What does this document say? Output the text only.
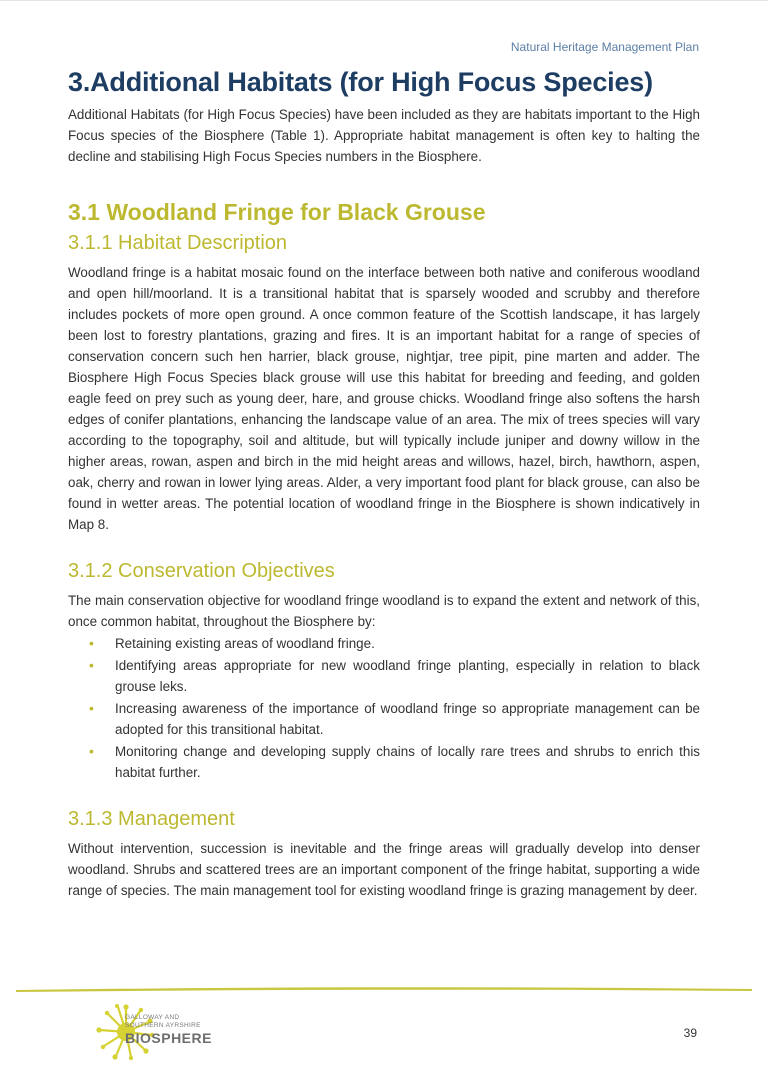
Natural Heritage Management Plan
3.Additional Habitats (for High Focus Species)

Additional Habitats (for High Focus Species) have been included as they are habitats important to the High Focus species of the Biosphere (Table 1). Appropriate habitat management is often key to halting the decline and stabilising High Focus Species numbers in the Biosphere.

3.1 Woodland Fringe for Black Grouse
3.1.1 Habitat Description

Woodland fringe is a habitat mosaic found on the interface between both native and coniferous woodland and open hill/moorland. It is a transitional habitat that is sparsely wooded and scrubby and therefore includes pockets of more open ground. A once common feature of the Scottish landscape, it has largely been lost to forestry plantations, grazing and fires. It is an important habitat for a range of species of conservation concern such hen harrier, black grouse, nightjar, tree pipit, pine marten and adder. The Biosphere High Focus Species black grouse will use this habitat for breeding and feeding, and golden eagle feed on prey such as young deer, hare, and grouse chicks. Woodland fringe also softens the harsh edges of conifer plantations, enhancing the landscape value of an area. The mix of trees species will vary according to the topography, soil and altitude, but will typically include juniper and downy willow in the higher areas, rowan, aspen and birch in the mid height areas and willows, hazel, birch, hawthorn, aspen, oak, cherry and rowan in lower lying areas. Alder, a very important food plant for black grouse, can also be found in wetter areas. The potential location of woodland fringe in the Biosphere is shown indicatively in Map 8.

3.1.2 Conservation Objectives

The main conservation objective for woodland fringe woodland is to expand the extent and network of this, once common habitat, throughout the Biosphere by:

• Retaining existing areas of woodland fringe.
• Identifying areas appropriate for new woodland fringe planting, especially in relation to black grouse leks.
• Increasing awareness of the importance of woodland fringe so appropriate management can be adopted for this transitional habitat.
• Monitoring change and developing supply chains of locally rare trees and shrubs to enrich this habitat further.
3.1.3 Management

Without intervention, succession is inevitable and the fringe areas will gradually develop into denser woodland. Shrubs and scattered trees are an important component of the fringe habitat, supporting a wide range of species. The main management tool for existing woodland fringe is grazing management by deer.

GALLOWAY AND
SOUTHERN AYRSHIRE
BIOSPHERE	39
